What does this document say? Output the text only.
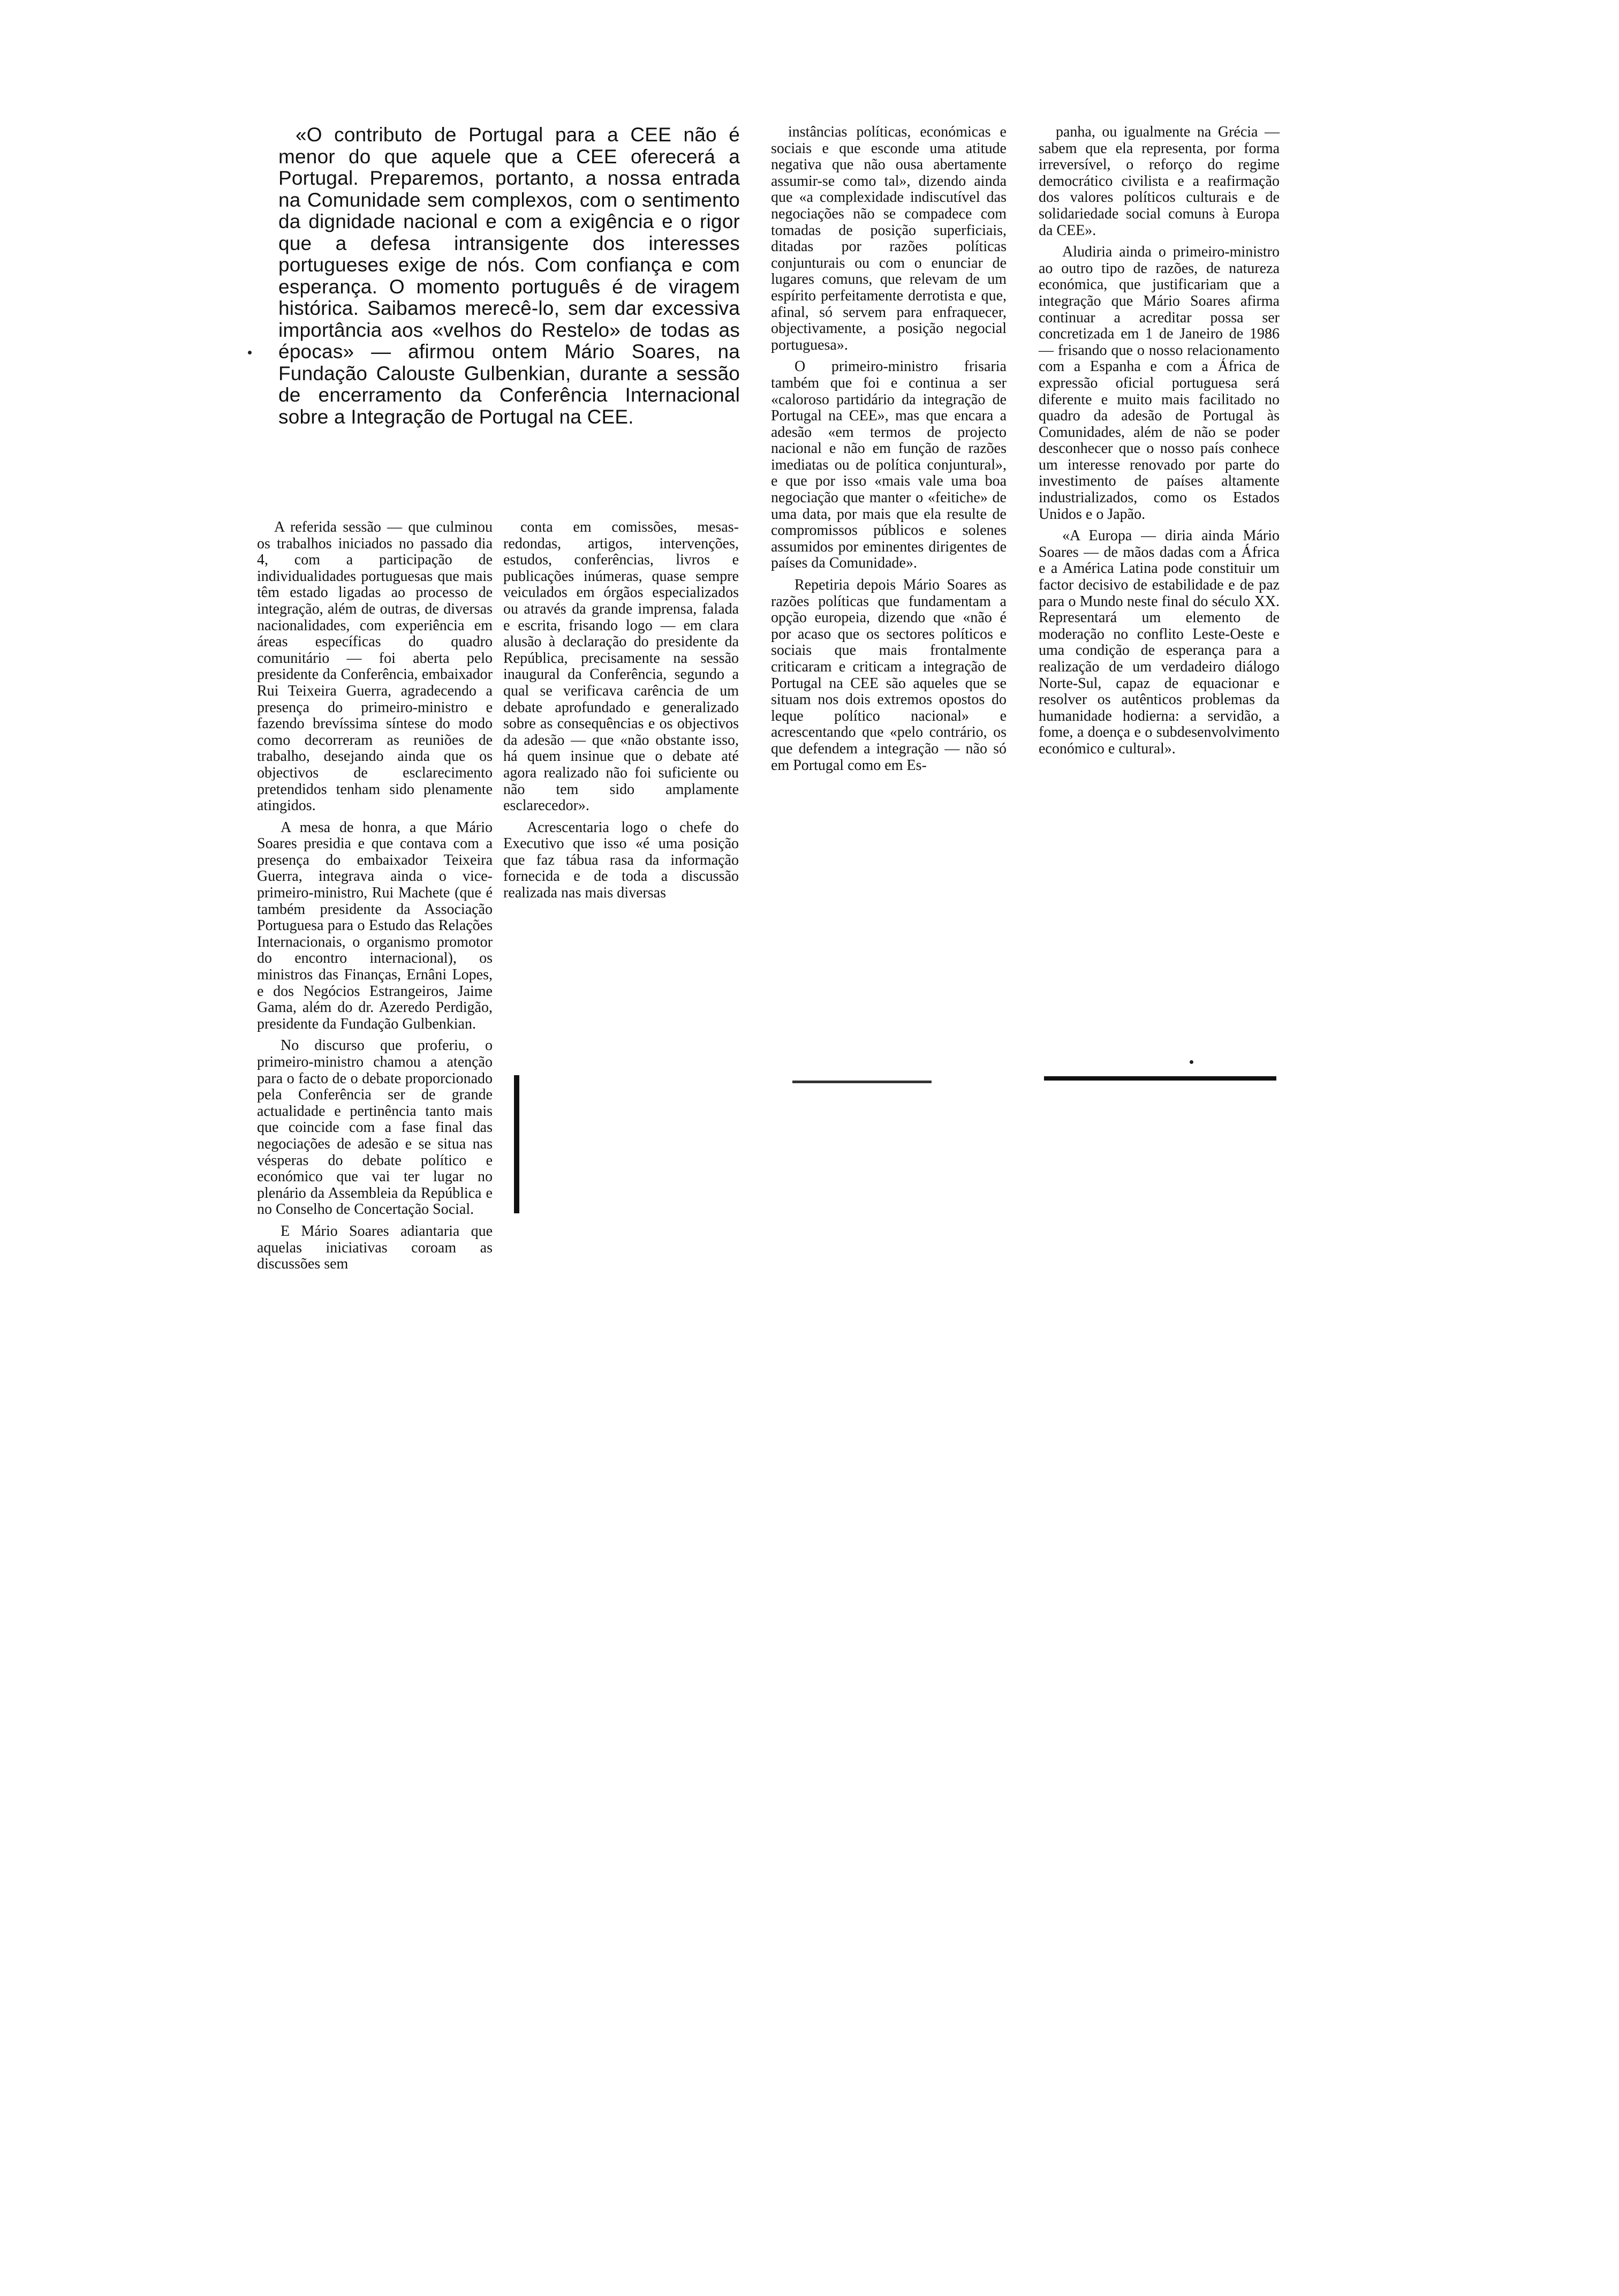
«O contributo de Portugal para a CEE não é menor do que aquele que a CEE oferecerá a Portugal. Preparemos, portanto, a nossa entrada na Comunidade sem complexos, com o sentimento da dignidade nacional e com a exigência e o rigor que a defesa intransigente dos interesses portugueses exige de nós. Com confiança e com esperança. O momento português é de viragem histórica. Saibamos merecê-lo, sem dar excessiva importância aos «velhos do Restelo» de todas as épocas» — afirmou ontem Mário Soares, na Fundação Calouste Gulbenkian, durante a sessão de encerramento da Conferência Internacional sobre a Integração de Portugal na CEE.

A referida sessão — que culminou os trabalhos iniciados no passado dia 4, com a participação de individualidades portuguesas que mais têm estado ligadas ao processo de integração, além de outras, de diversas nacionalidades, com experiência em áreas específicas do quadro comunitário — foi aberta pelo presidente da Conferência, embaixador Rui Teixeira Guerra, agradecendo a presença do primeiro-ministro e fazendo brevíssima síntese do modo como decorreram as reuniões de trabalho, desejando ainda que os objectivos de esclarecimento pretendidos tenham sido plenamente atingidos.

A mesa de honra, a que Mário Soares presidia e que contava com a presença do embaixador Teixeira Guerra, integrava ainda o vice-primeiro-ministro, Rui Machete (que é também presidente da Associação Portuguesa para o Estudo das Relações Internacionais, o organismo promotor do encontro internacional), os ministros das Finanças, Ernâni Lopes, e dos Negócios Estrangeiros, Jaime Gama, além do dr. Azeredo Perdigão, presidente da Fundação Gulbenkian.

No discurso que proferiu, o primeiro-ministro chamou a atenção para o facto de o debate proporcionado pela Conferência ser de grande actualidade e pertinência tanto mais que coincide com a fase final das negociações de adesão e se situa nas vésperas do debate político e económico que vai ter lugar no plenário da Assembleia da República e no Conselho de Concertação Social.

E Mário Soares adiantaria que aquelas iniciativas coroam as discussões sem

conta em comissões, mesas-redondas, artigos, intervenções, estudos, conferências, livros e publicações inúmeras, quase sempre veiculados em órgãos especializados ou através da grande imprensa, falada e escrita, frisando logo — em clara alusão à declaração do presidente da República, precisamente na sessão inaugural da Conferência, segundo a qual se verificava carência de um debate aprofundado e generalizado sobre as consequências e os objectivos da adesão — que «não obstante isso, há quem insinue que o debate até agora realizado não foi suficiente ou não tem sido amplamente esclarecedor».

Acrescentaria logo o chefe do Executivo que isso «é uma posição que faz tábua rasa da informação fornecida e de toda a discussão realizada nas mais diversas

instâncias políticas, económicas e sociais e que esconde uma atitude negativa que não ousa abertamente assumir-se como tal», dizendo ainda que «a complexidade indiscutível das negociações não se compadece com tomadas de posição superficiais, ditadas por razões políticas conjunturais ou com o enunciar de lugares comuns, que relevam de um espírito perfeitamente derrotista e que, afinal, só servem para enfraquecer, objectivamente, a posição negocial portuguesa».

O primeiro-ministro frisaria também que foi e continua a ser «caloroso partidário da integração de Portugal na CEE», mas que encara a adesão «em termos de projecto nacional e não em função de razões imediatas ou de política conjuntural», e que por isso «mais vale uma boa negociação que manter o «feitiche» de uma data, por mais que ela resulte de compromissos públicos e solenes assumidos por eminentes dirigentes de países da Comunidade».

Repetiria depois Mário Soares as razões políticas que fundamentam a opção europeia, dizendo que «não é por acaso que os sectores políticos e sociais que mais frontalmente criticaram e criticam a integração de Portugal na CEE são aqueles que se situam nos dois extremos opostos do leque político nacional» e acrescentando que «pelo contrário, os que defendem a integração — não só em Portugal como em Es-

panha, ou igualmente na Grécia — sabem que ela representa, por forma irreversível, o reforço do regime democrático civilista e a reafirmação dos valores políticos culturais e de solidariedade social comuns à Europa da CEE».

Aludiria ainda o primeiro-ministro ao outro tipo de razões, de natureza económica, que justificariam que a integração que Mário Soares afirma continuar a acreditar possa ser concretizada em 1 de Janeiro de 1986 — frisando que o nosso relacionamento com a Espanha e com a África de expressão oficial portuguesa será diferente e muito mais facilitado no quadro da adesão de Portugal às Comunidades, além de não se poder desconhecer que o nosso país conhece um interesse renovado por parte do investimento de países altamente industrializados, como os Estados Unidos e o Japão.

«A Europa — diria ainda Mário Soares — de mãos dadas com a África e a América Latina pode constituir um factor decisivo de estabilidade e de paz para o Mundo neste final do século XX. Representará um elemento de moderação no conflito Leste-Oeste e uma condição de esperança para a realização de um verdadeiro diálogo Norte-Sul, capaz de equacionar e resolver os autênticos problemas da humanidade hodierna: a servidão, a fome, a doença e o subdesenvolvimento económico e cultural».
